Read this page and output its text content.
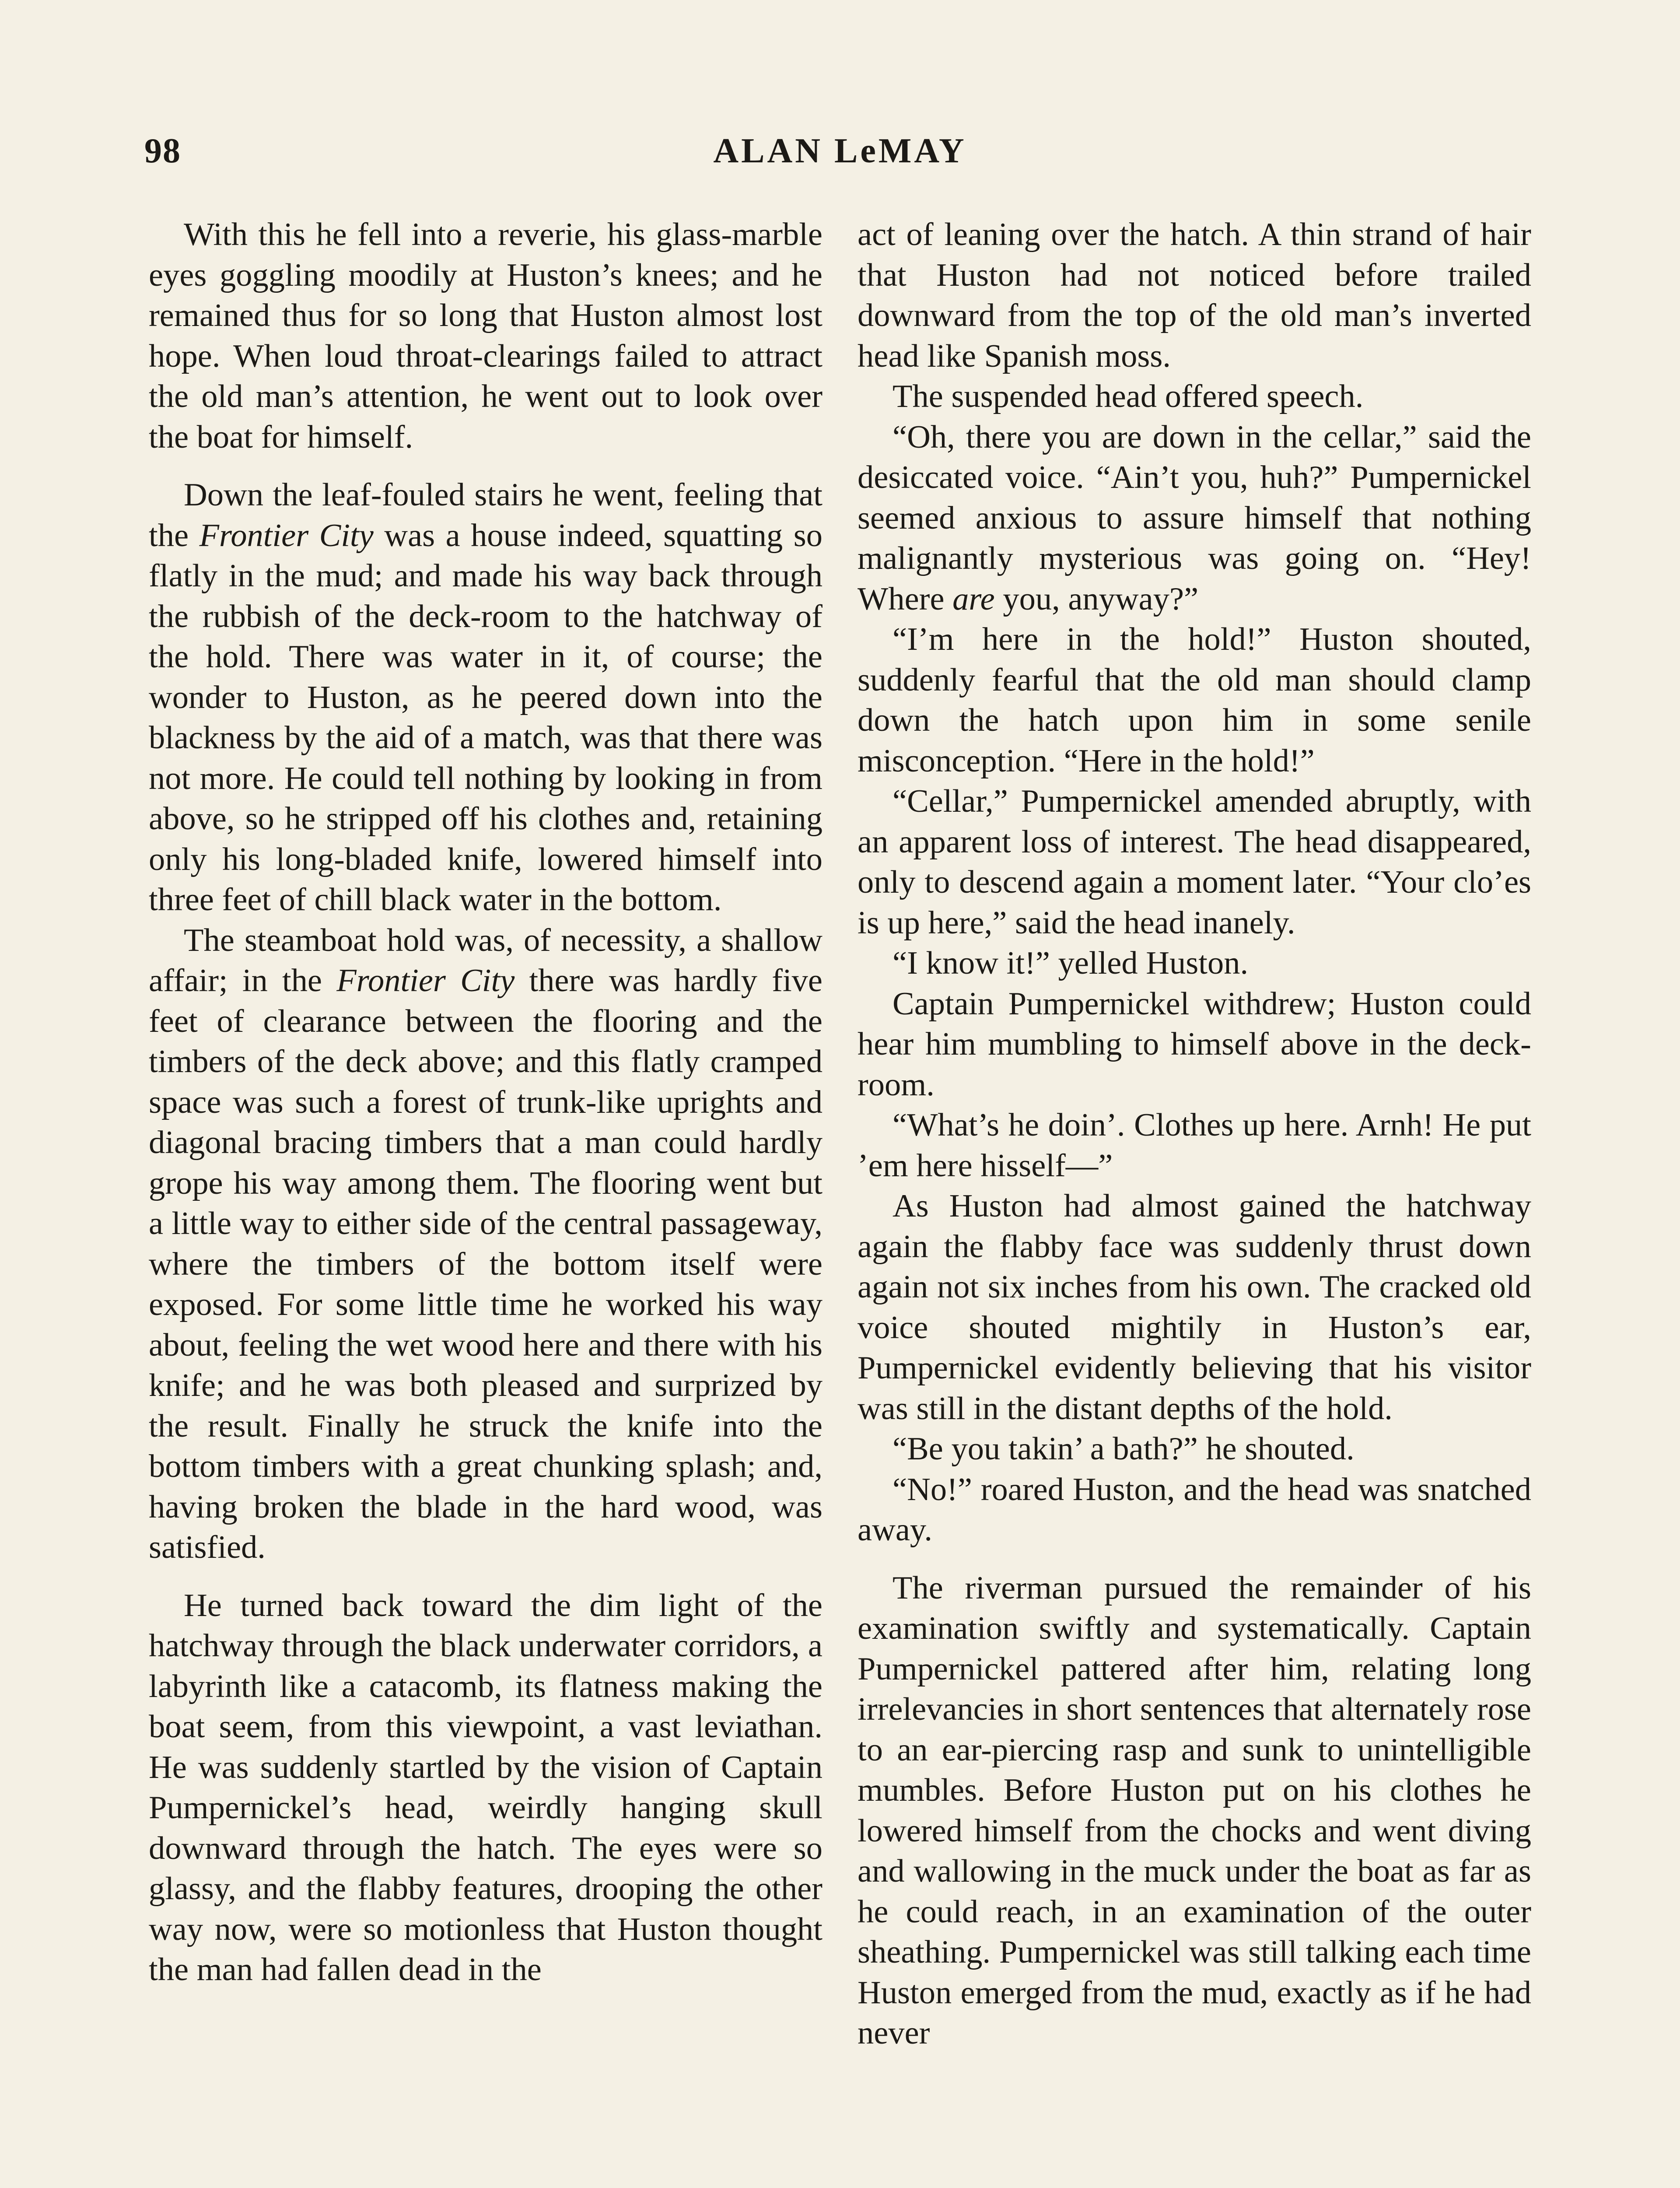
98	ALAN LeMAY

With this he fell into a reverie, his glass-marble eyes goggling moodily at Huston’s knees; and he remained thus for so long that Huston almost lost hope. When loud throat-clearings failed to attract the old man’s attention, he went out to look over the boat for himself.

Down the leaf-fouled stairs he went, feeling that the Frontier City was a house indeed, squatting so flatly in the mud; and made his way back through the rubbish of the deck-room to the hatchway of the hold. There was water in it, of course; the wonder to Huston, as he peered down into the blackness by the aid of a match, was that there was not more. He could tell nothing by looking in from above, so he stripped off his clothes and, retaining only his long-bladed knife, lowered himself into three feet of chill black water in the bottom.

The steamboat hold was, of necessity, a shallow affair; in the Frontier City there was hardly five feet of clearance between the flooring and the timbers of the deck above; and this flatly cramped space was such a forest of trunk-like uprights and diagonal bracing timbers that a man could hardly grope his way among them. The flooring went but a little way to either side of the central passageway, where the timbers of the bottom itself were exposed. For some little time he worked his way about, feeling the wet wood here and there with his knife; and he was both pleased and surprized by the result. Finally he struck the knife into the bottom timbers with a great chunking splash; and, having broken the blade in the hard wood, was satisfied.

He turned back toward the dim light of the hatchway through the black underwater corridors, a labyrinth like a catacomb, its flatness making the boat seem, from this viewpoint, a vast leviathan. He was suddenly startled by the vision of Captain Pumpernickel’s head, weirdly hanging skull downward through the hatch. The eyes were so glassy, and the flabby features, drooping the other way now, were so motionless that Huston thought the man had fallen dead in the

act of leaning over the hatch. A thin strand of hair that Huston had not noticed before trailed downward from the top of the old man’s inverted head like Spanish moss.

The suspended head offered speech.

“Oh, there you are down in the cellar,” said the desiccated voice. “Ain’t you, huh?” Pumpernickel seemed anxious to assure himself that nothing malignantly mysterious was going on. “Hey! Where are you, anyway?”

“I’m here in the hold!” Huston shouted, suddenly fearful that the old man should clamp down the hatch upon him in some senile misconception. “Here in the hold!”

“Cellar,” Pumpernickel amended abruptly, with an apparent loss of interest. The head disappeared, only to descend again a moment later. “Your clo’es is up here,” said the head inanely.

“I know it!” yelled Huston.

Captain Pumpernickel withdrew; Huston could hear him mumbling to himself above in the deck-room.

“What’s he doin’. Clothes up here. Arnh! He put ’em here hisself—”

As Huston had almost gained the hatchway again the flabby face was suddenly thrust down again not six inches from his own. The cracked old voice shouted mightily in Huston’s ear, Pumpernickel evidently believing that his visitor was still in the distant depths of the hold.

“Be you takin’ a bath?” he shouted.

“No!” roared Huston, and the head was snatched away.

The riverman pursued the remainder of his examination swiftly and systematically. Captain Pumpernickel pattered after him, relating long irrelevancies in short sentences that alternately rose to an ear-piercing rasp and sunk to unintelligible mumbles. Before Huston put on his clothes he lowered himself from the chocks and went diving and wallowing in the muck under the boat as far as he could reach, in an examination of the outer sheathing. Pumpernickel was still talking each time Huston emerged from the mud, exactly as if he had never
